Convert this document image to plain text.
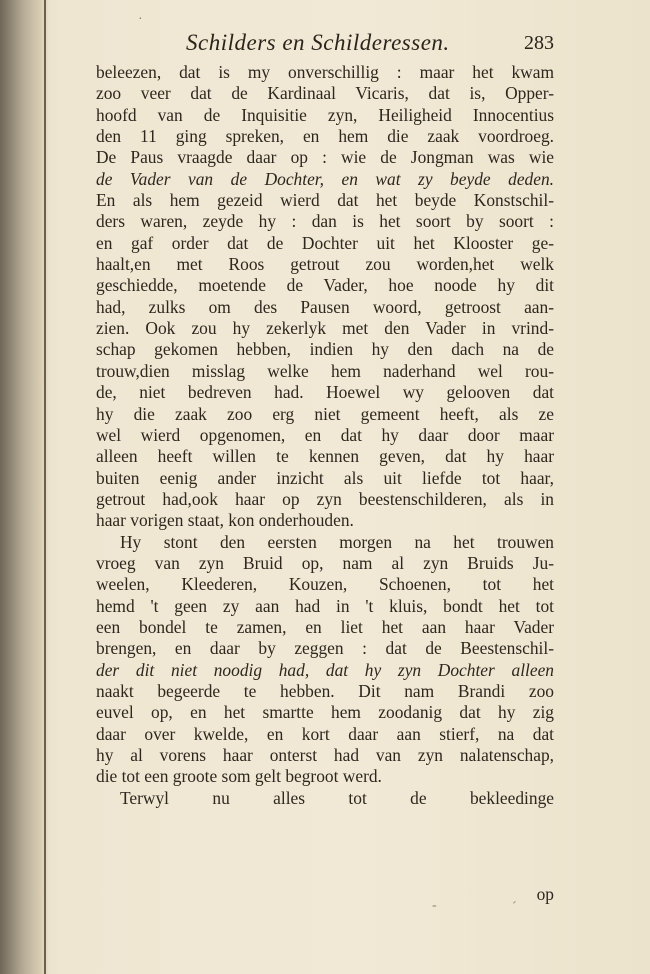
Schilders en Schilderessen.	283
beleezen, dat is my onverschillig : maar het kwam
zoo veer dat de Kardinaal Vicaris, dat is, Opper-
hoofd van de Inquisitie zyn, Heiligheid Innocentius
den 11 ging spreken, en hem die zaak voordroeg.
De Paus vraagde daar op : wie de Jongman was wie
de Vader van de Dochter, en wat zy beyde deden.
En als hem gezeid wierd dat het beyde Konstschil-
ders waren, zeyde hy : dan is het soort by soort :
en gaf order dat de Dochter uit het Klooster ge-
haalt,en met Roos getrout zou worden,het welk
geschiedde, moetende de Vader, hoe noode hy dit
had, zulks om des Pausen woord, getroost aan-
zien. Ook zou hy zekerlyk met den Vader in vrind-
schap gekomen hebben, indien hy den dach na de
trouw,dien misslag welke hem naderhand wel rou-
de, niet bedreven had. Hoewel wy gelooven dat
hy die zaak zoo erg niet gemeent heeft, als ze
wel wierd opgenomen, en dat hy daar door maar
alleen heeft willen te kennen geven, dat hy haar
buiten eenig ander inzicht als uit liefde tot haar,
getrout had,ook haar op zyn beestenschilderen, als in
haar vorigen staat, kon onderhouden.
Hy stont den eersten morgen na het trouwen
vroeg van zyn Bruid op, nam al zyn Bruids Ju-
weelen, Kleederen, Kouzen, Schoenen, tot het
hemd 't geen zy aan had in 't kluis, bondt het tot
een bondel te zamen, en liet het aan haar Vader
brengen, en daar by zeggen : dat de Beestenschil-
der dit niet noodig had, dat hy zyn Dochter alleen
naakt begeerde te hebben. Dit nam Brandi zoo
euvel op, en het smartte hem zoodanig dat hy zig
daar over kwelde, en kort daar aan stierf, na dat
hy al vorens haar onterst had van zyn nalatenschap,
die tot een groote som gelt begroot werd.
Terwyl nu alles tot de bekleedinge
op
-	´
·
